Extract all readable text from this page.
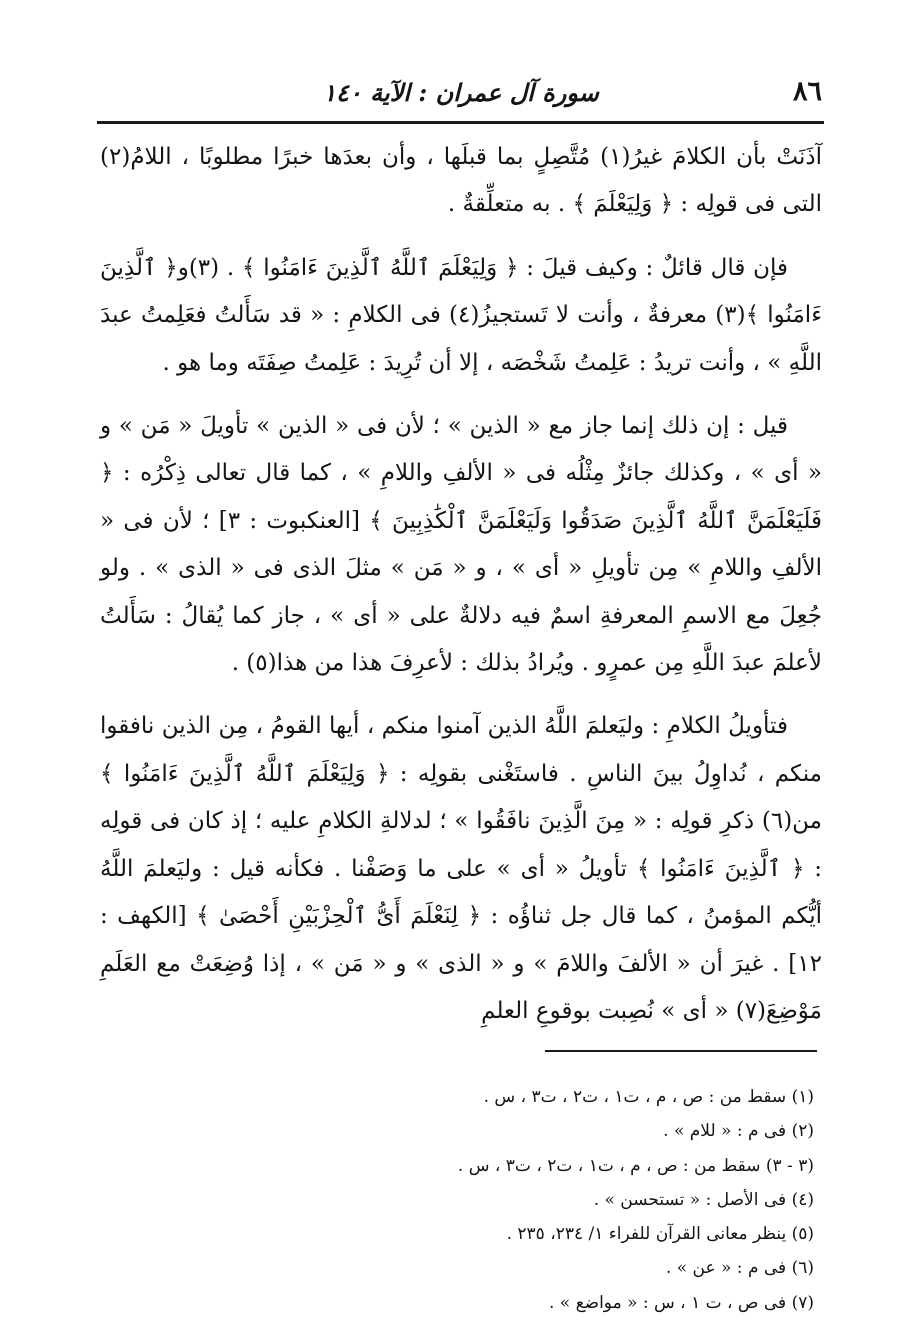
٨٦
سورة آل عمران : الآية ١٤٠

آذَنَتْ بأن الكلامَ غيرُ(١) مُتَّصِلٍ بما قبلَها ، وأن بعدَها خبرًا مطلوبًا ، اللامُ(٢) التى فى قولِه : ﴿ وَلِيَعْلَمَ ﴾ . به متعلِّقةٌ .

فإن قال قائلٌ : وكيف قيلَ : ﴿ وَلِيَعْلَمَ ٱللَّهُ ٱلَّذِينَ ءَامَنُوا ﴾ . (٣)و﴿ ٱلَّذِينَ ءَامَنُوا ﴾(٣) معرفةٌ ، وأنت لا تَستجيزُ(٤) فى الكلامِ : « قد سَأَلتُ فعَلِمتُ عبدَ اللَّهِ » ، وأنت تريدُ : عَلِمتُ شَخْصَه ، إلا أن تُرِيدَ : عَلِمتُ صِفَتَه وما هو .

قيل : إن ذلك إنما جاز مع « الذين » ؛ لأن فى « الذين » تأويلَ « مَن » و « أى » ، وكذلك جائزٌ مِثْلُه فى « الألفِ واللامِ » ، كما قال تعالى ذِكْرُه : ﴿ فَلَيَعْلَمَنَّ ٱللَّهُ ٱلَّذِينَ صَدَقُوا وَلَيَعْلَمَنَّ ٱلْكَٰذِبِينَ ﴾ [العنكبوت : ٣] ؛ لأن فى « الألفِ واللامِ » مِن تأويلِ « أى » ، و « مَن » مثلَ الذى فى « الذى » . ولو جُعِلَ مع الاسمِ المعرفةِ اسمٌ فيه دلالةٌ على « أى » ، جاز كما يُقالُ : سَأَلتُ لأعلمَ عبدَ اللَّهِ مِن عمرٍو . ويُرادُ بذلك : لأعرِفَ هذا من هذا(٥) .

فتأويلُ الكلامِ : وليَعلمَ اللَّهُ الذين آمنوا منكم ، أيها القومُ ، مِن الذين نافقوا منكم ، نُداوِلُ بينَ الناسِ . فاستَغْنى بقولِه : ﴿ وَلِيَعْلَمَ ٱللَّهُ ٱلَّذِينَ ءَامَنُوا ﴾ من(٦) ذكرِ قولِه : « مِنَ الَّذِينَ نافَقُوا » ؛ لدلالةِ الكلامِ عليه ؛ إذ كان فى قولِه : ﴿ ٱلَّذِينَ ءَامَنُوا ﴾ تأويلُ « أى » على ما وَصَفْنا . فكأنه قيل : وليَعلمَ اللَّهُ أيُّكم المؤمنُ ، كما قال جل ثناؤُه : ﴿ لِنَعْلَمَ أَىُّ ٱلْحِزْبَيْنِ أَحْصَىٰ ﴾ [الكهف : ١٢] . غيرَ أن « الألفَ واللامَ » و « الذى » و « مَن » ، إذا وُضِعَتْ مع العَلَمِ مَوْضِعَ(٧) « أى » نُصِبت بوقوعِ العلمِ

(١) سقط من : ص ، م ، ت١ ، ت٢ ، ت٣ ، س .

(٢) فى م : « للام » .

(٣ - ٣) سقط من : ص ، م ، ت١ ، ت٢ ، ت٣ ، س .

(٤) فى الأصل : « تستحسن » .

(٥) ينظر معانى القرآن للفراء ١/ ٢٣٤، ٢٣٥ .

(٦) فى م : « عن » .

(٧) فى ص ، ت ١ ، س : « مواضع » .
